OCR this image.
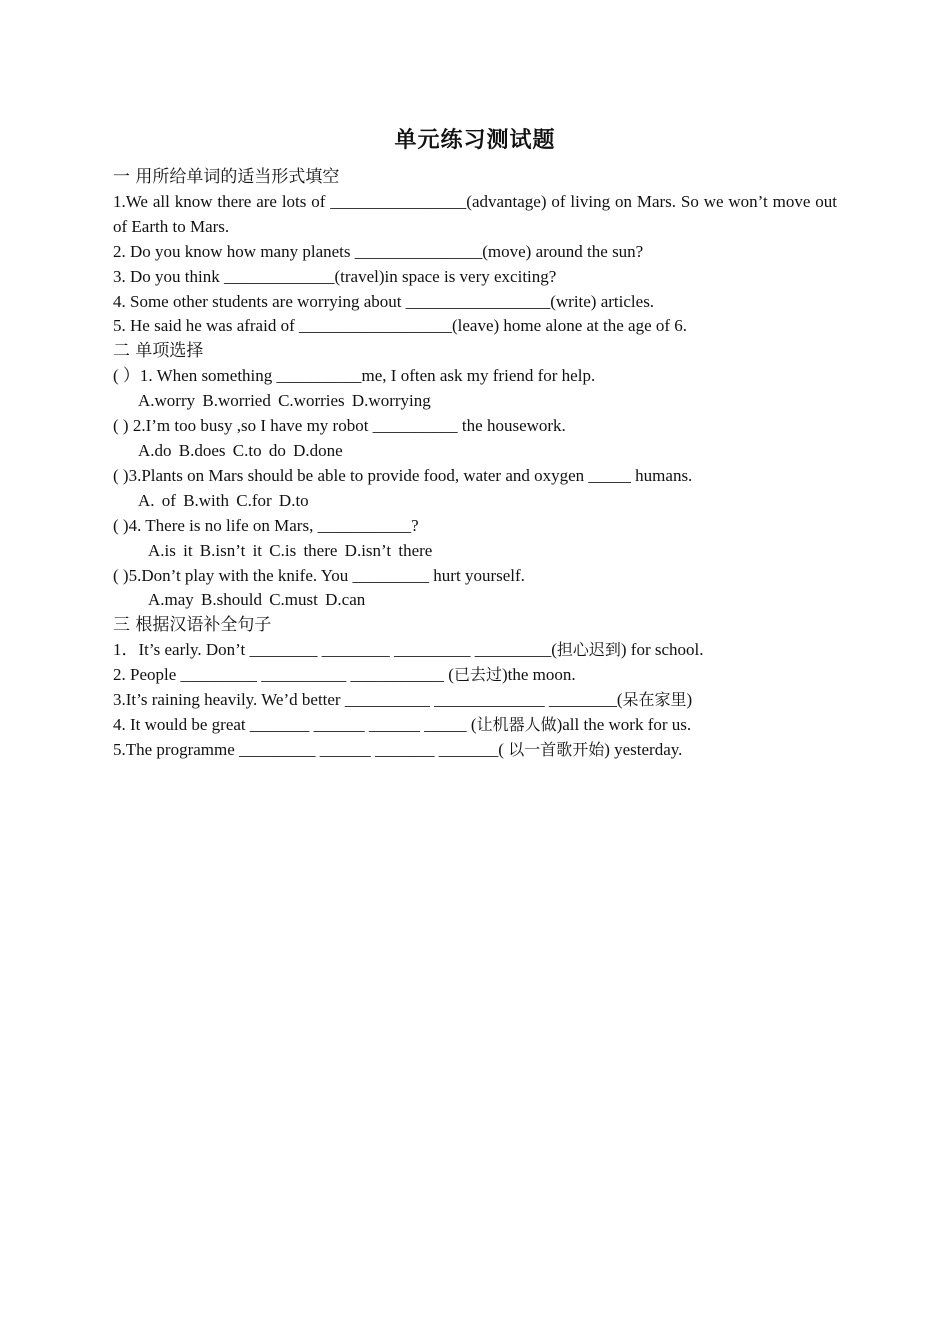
单元练习测试题
一 用所给单词的适当形式填空
1.We all know there are lots of ________________(advantage) of living on Mars. So we won’t move out of Earth to Mars.
2. Do you know how many planets _______________(move) around the sun?
3. Do you think _____________(travel)in space is very exciting?
4. Some other students are worrying about _________________(write) articles.
5. He said he was afraid of __________________(leave) home alone at the age of 6.
二 单项选择
( ）1. When something __________me, I often ask my friend for help.
A.worry B.worried C.worries D.worrying
( ) 2.I’m too busy ,so I have my robot __________ the housework.
A.do B.does C.to do D.done
( )3.Plants on Mars should be able to provide food, water and oxygen _____ humans.
A. of B.with C.for D.to
( )4. There is no life on Mars, ___________?
A.is it B.isn’t it C.is there D.isn’t there
( )5.Don’t play with the knife. You _________ hurt yourself.
A.may B.should C.must D.can
三 根据汉语补全句子
1．It’s early. Don’t ________ ________ _________ _________(担心迟到) for school.
2. People _________ __________ ___________ (已去过)the moon.
3.It’s raining heavily. We’d better __________ _____________ ________(呆在家里)
4. It would be great _______ ______ ______ _____ (让机器人做)all the work for us.
5.The programme _________ ______ _______ _______( 以一首歌开始) yesterday.
